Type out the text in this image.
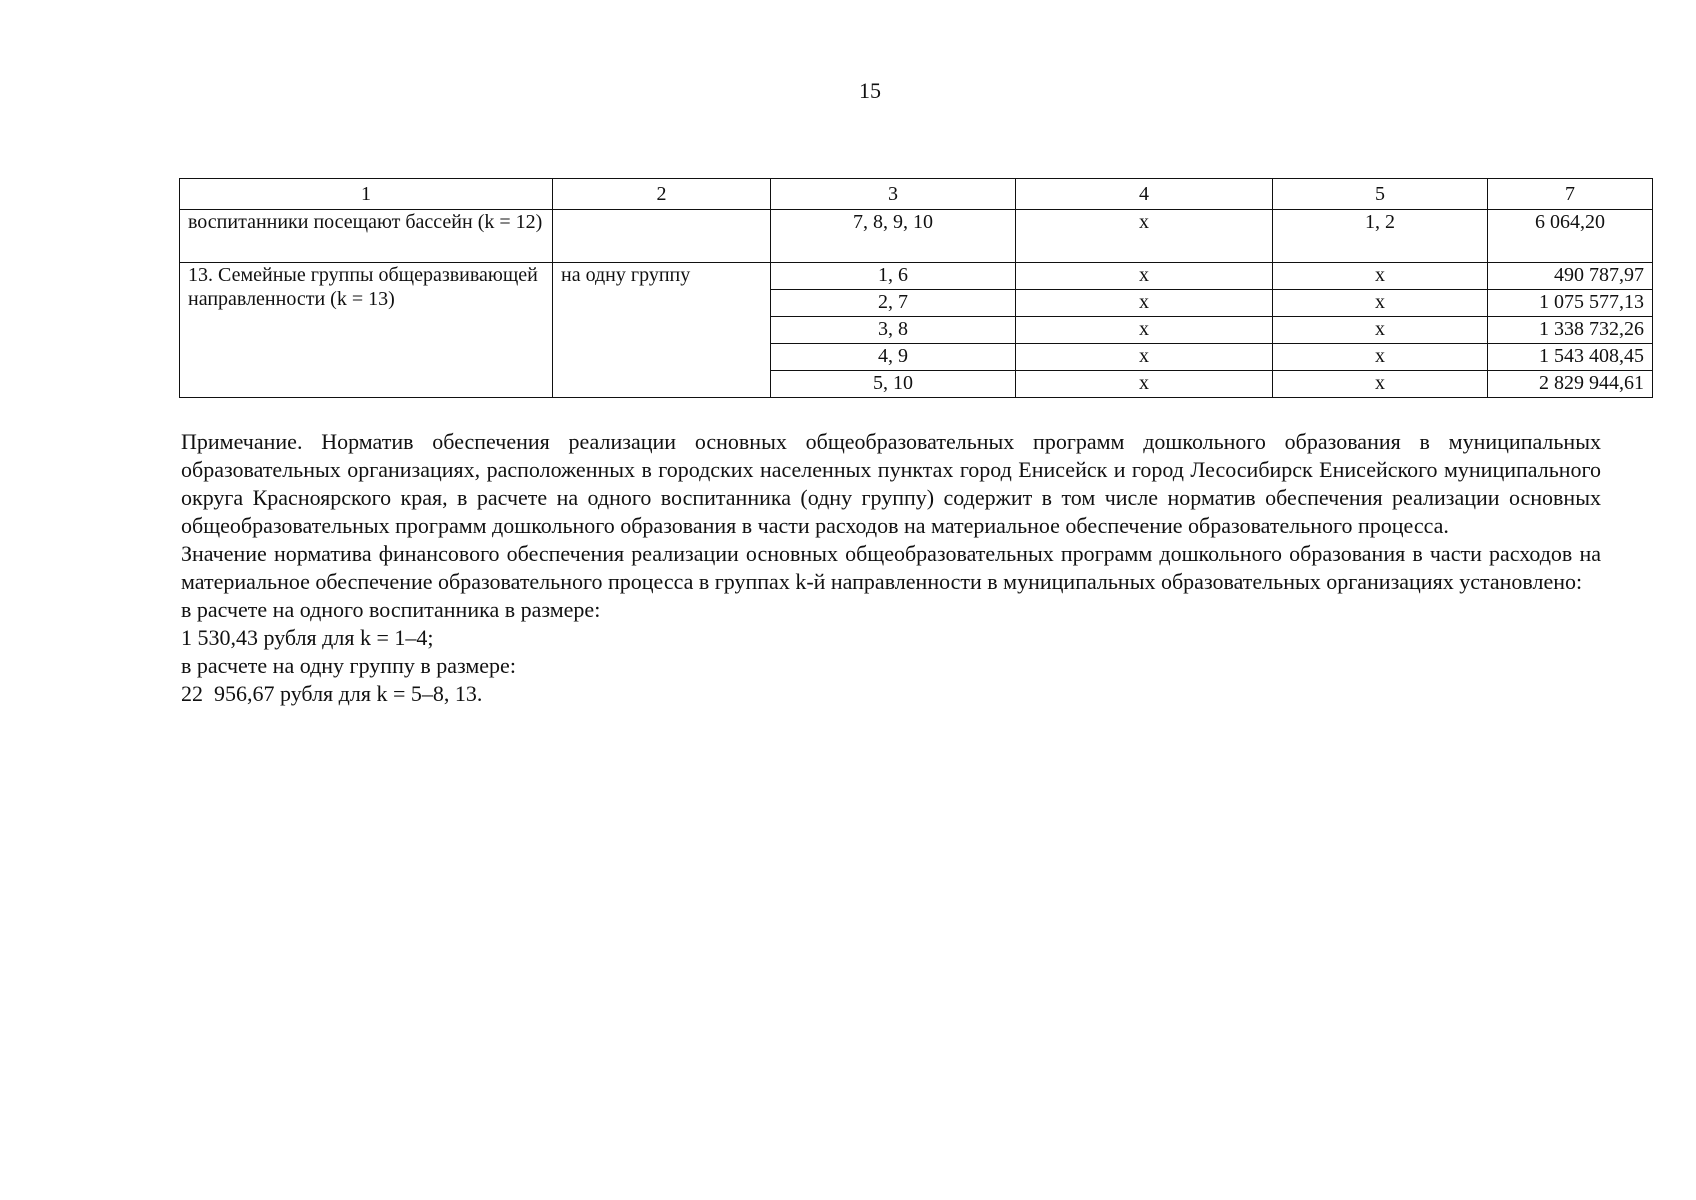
15
1	2	3	4	5	7
воспитанники посещают бассейн (k = 12)		7, 8, 9, 10	x	1, 2	6 064,20
13. Семейные группы общеразвивающей направленности (k = 13)	на одну группу	1, 6	x	x	490 787,97
		2, 7	x	x	1 075 577,13
		3, 8	x	x	1 338 732,26
		4, 9	x	x	1 543 408,45
		5, 10	x	x	2 829 944,61

Примечание. Норматив обеспечения реализации основных общеобразовательных программ дошкольного образования в муниципальных образовательных организациях, расположенных в городских населенных пунктах город Енисейск и город Лесосибирск Енисейского муниципального округа Красноярского края, в расчете на одного воспитанника (одну группу) содержит в том числе норматив обеспечения реализации основных общеобразовательных программ дошкольного образования в части расходов на материальное обеспечение образовательного процесса.

Значение норматива финансового обеспечения реализации основных общеобразовательных программ дошкольного образования в части расходов на материальное обеспечение образовательного процесса в группах k-й направленности в муниципальных образовательных организациях установлено:

в расчете на одного воспитанника в размере:
1 530,43 рубля для k = 1–4;
в расчете на одну группу в размере:
22  956,67 рубля для k = 5–8, 13.
